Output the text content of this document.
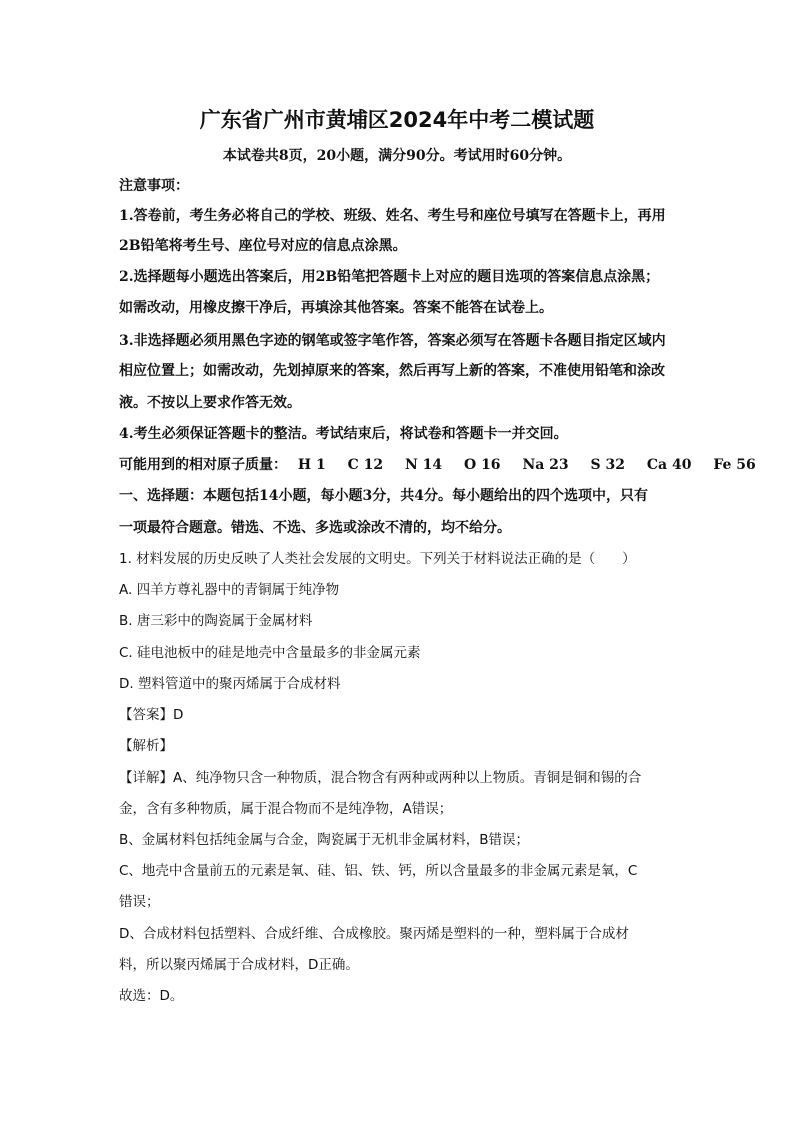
广东省广州市黄埔区2024年中考二模试题
本试卷共8页，20小题，满分90分。考试用时60分钟。
注意事项：
1.答卷前，考生务必将自己的学校、班级、姓名、考生号和座位号填写在答题卡上，再用
2B铅笔将考生号、座位号对应的信息点涂黑。
2.选择题每小题选出答案后，用2B铅笔把答题卡上对应的题目选项的答案信息点涂黑；
如需改动，用橡皮擦干净后，再填涂其他答案。答案不能答在试卷上。
3.非选择题必须用黑色字迹的钢笔或签字笔作答，答案必须写在答题卡各题目指定区域内
相应位置上；如需改动，先划掉原来的答案，然后再写上新的答案，不准使用铅笔和涂改
液。不按以上要求作答无效。
4.考生必须保证答题卡的整洁。考试结束后，将试卷和答题卡一并交回。
可能用到的相对原子质量： H 1 C 12 N 14 O 16 Na 23 S 32 Ca 40 Fe 56
一、选择题：本题包括14小题，每小题3分，共4分。每小题给出的四个选项中，只有
一项最符合题意。错选、不选、多选或涂改不清的，均不给分。
1. 材料发展的历史反映了人类社会发展的文明史。下列关于材料说法正确的是（　　）
A. 四羊方尊礼器中的青铜属于纯净物
B. 唐三彩中的陶瓷属于金属材料
C. 硅电池板中的硅是地壳中含量最多的非金属元素
D. 塑料管道中的聚丙烯属于合成材料
【答案】D
【解析】
【详解】A、纯净物只含一种物质，混合物含有两种或两种以上物质。青铜是铜和锡的合
金，含有多种物质，属于混合物而不是纯净物，A错误；
B、金属材料包括纯金属与合金，陶瓷属于无机非金属材料，B错误；
C、地壳中含量前五的元素是氧、硅、铝、铁、钙，所以含量最多的非金属元素是氧，C
错误；
D、合成材料包括塑料、合成纤维、合成橡胶。聚丙烯是塑料的一种，塑料属于合成材
料，所以聚丙烯属于合成材料，D正确。
故选：D。
